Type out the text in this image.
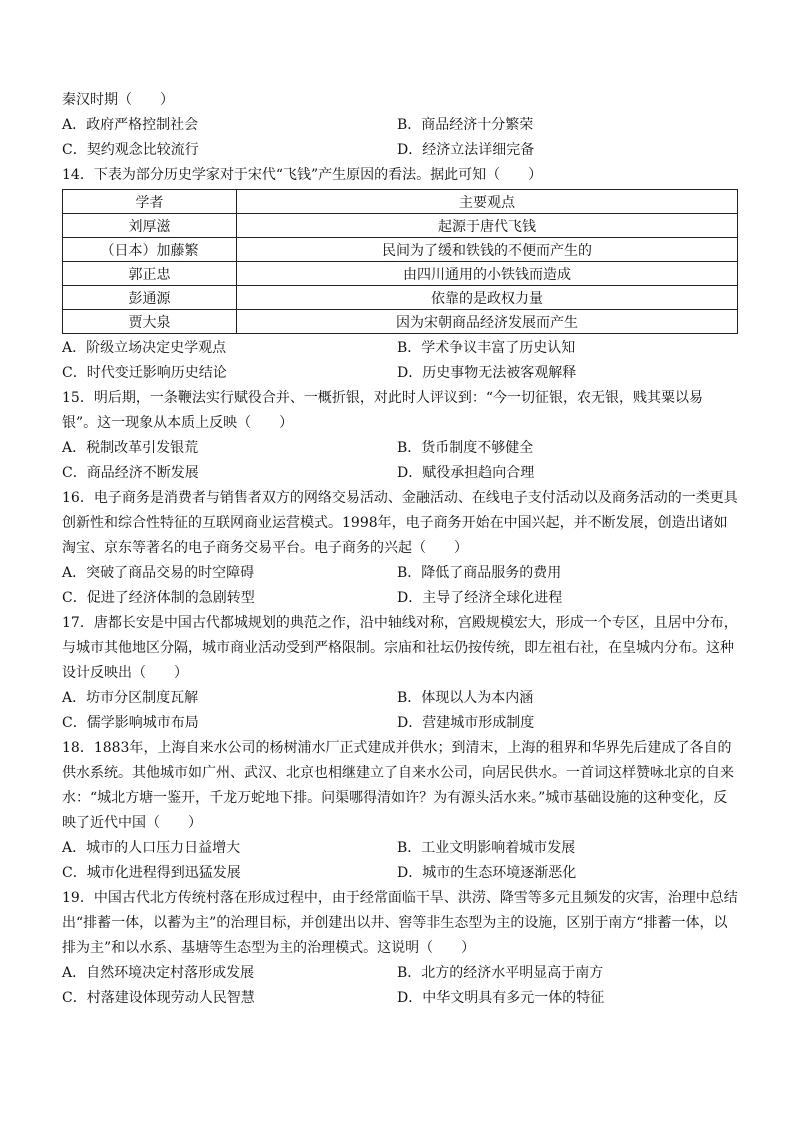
秦汉时期（　　）
A．政府严格控制社会	B．商品经济十分繁荣
C．契约观念比较流行	D．经济立法详细完备
14．下表为部分历史学家对于宋代“飞钱”产生原因的看法。据此可知（　　）
学者	主要观点
刘厚滋	起源于唐代飞钱
（日本）加藤繁	民间为了缓和铁钱的不便而产生的
郭正忠	由四川通用的小铁钱而造成
彭通源	依靠的是政权力量
贾大泉	因为宋朝商品经济发展而产生
A．阶级立场决定史学观点	B．学术争议丰富了历史认知
C．时代变迁影响历史结论	D．历史事物无法被客观解释
15．明后期，一条鞭法实行赋役合并、一概折银，对此时人评议到：“今一切征银，农无银，贱其粟以易银”。这一现象从本质上反映（　　）
A．税制改革引发银荒	B．货币制度不够健全
C．商品经济不断发展	D．赋役承担趋向合理
16．电子商务是消费者与销售者双方的网络交易活动、金融活动、在线电子支付活动以及商务活动的一类更具创新性和综合性特征的互联网商业运营模式。1998年，电子商务开始在中国兴起，并不断发展，创造出诸如淘宝、京东等著名的电子商务交易平台。电子商务的兴起（　　）
A．突破了商品交易的时空障碍	B．降低了商品服务的费用
C．促进了经济体制的急剧转型	D．主导了经济全球化进程
17．唐都长安是中国古代都城规划的典范之作，沿中轴线对称，宫殿规模宏大，形成一个专区，且居中分布，与城市其他地区分隔，城市商业活动受到严格限制。宗庙和社坛仍按传统，即左祖右社，在皇城内分布。这种设计反映出（　　）
A．坊市分区制度瓦解	B．体现以人为本内涵
C．儒学影响城市布局	D．营建城市形成制度
18．1883年，上海自来水公司的杨树浦水厂正式建成并供水；到清末，上海的租界和华界先后建成了各自的供水系统。其他城市如广州、武汉、北京也相继建立了自来水公司，向居民供水。一首词这样赞咏北京的自来水：“城北方塘一鉴开，千龙万蛇地下排。问渠哪得清如许？为有源头活水来。”城市基础设施的这种变化，反映了近代中国（　　）
A．城市的人口压力日益增大	B．工业文明影响着城市发展
C．城市化进程得到迅猛发展	D．城市的生态环境逐渐恶化
19．中国古代北方传统村落在形成过程中，由于经常面临干旱、洪涝、降雪等多元且频发的灾害，治理中总结出“排蓄一体，以蓄为主”的治理目标，并创建出以井、窖等非生态型为主的设施，区别于南方“排蓄一体，以排为主”和以水系、基塘等生态型为主的治理模式。这说明（　　）
A．自然环境决定村落形成发展	B．北方的经济水平明显高于南方
C．村落建设体现劳动人民智慧	D．中华文明具有多元一体的特征
